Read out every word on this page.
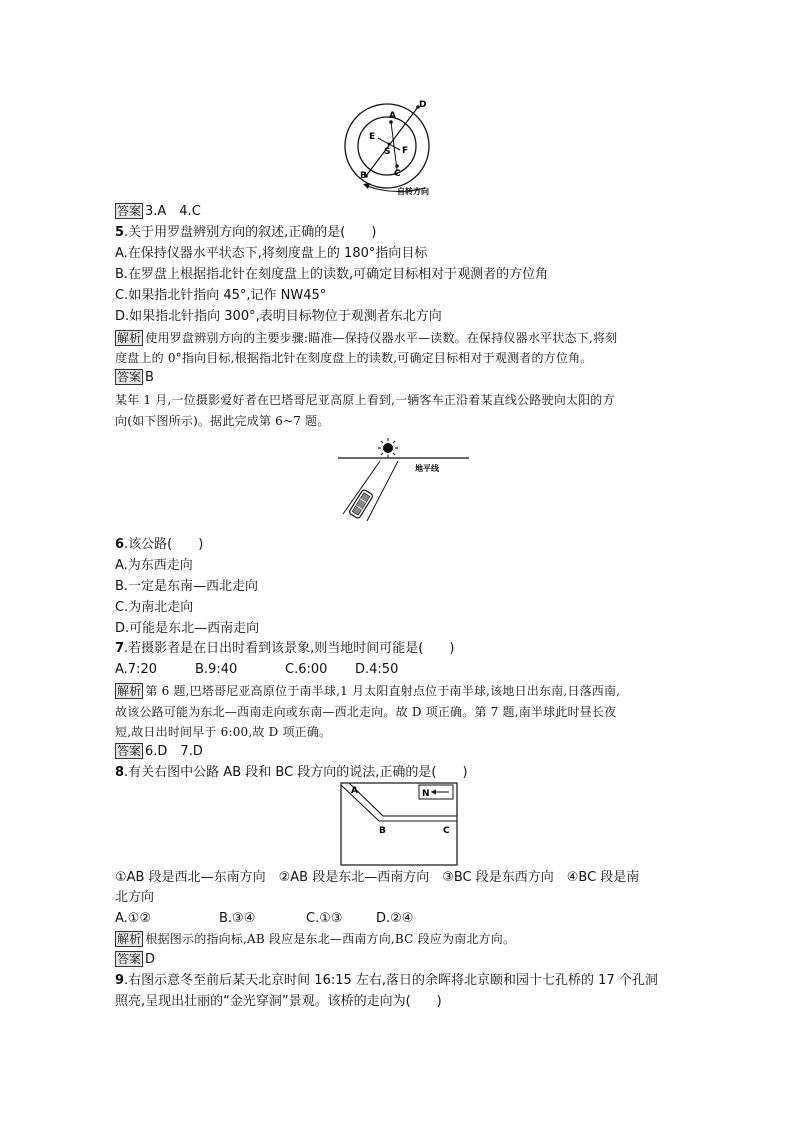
A
B	C
D
E
F
S
自转方向
答案 3.A　4.C
5.关于用罗盘辨别方向的叙述,正确的是(　　)
A.在保持仪器水平状态下,将刻度盘上的 180°指向目标
B.在罗盘上根据指北针在刻度盘上的读数,可确定目标相对于观测者的方位角
C.如果指北针指向 45°,记作 NW45°
D.如果指北针指向 300°,表明目标物位于观测者东北方向
解析 使用罗盘辨别方向的主要步骤:瞄准—保持仪器水平—读数。在保持仪器水平状态下,将刻
度盘上的 0°指向目标,根据指北针在刻度盘上的读数,可确定目标相对于观测者的方位角。
答案 B
某年 1 月,一位摄影爱好者在巴塔哥尼亚高原上看到,一辆客车正沿着某直线公路驶向太阳的方
向(如下图所示)。据此完成第 6~7 题。
地平线
6.该公路(　　)
A.为东西走向
B.一定是东南—西北走向
C.为南北走向
D.可能是东北—西南走向
7.若摄影者是在日出时看到该景象,则当地时间可能是(　　)
A.7:20	B.9:40	C.6:00 D.4:50
解析 第 6 题,巴塔哥尼亚高原位于南半球,1 月太阳直射点位于南半球,该地日出东南,日落西南,
故该公路可能为东北—西南走向或东南—西北走向。故 D 项正确。第 7 题,南半球此时昼长夜
短,故日出时间早于 6:00,故 D 项正确。
答案 6.D　7.D
8.有关右图中公路 AB 段和 BC 段方向的说法,正确的是(　　)
N
A
B	C
①AB 段是西北—东南方向　②AB 段是东北—西南方向　③BC 段是东西方向　④BC 段是南
北方向
A.①②	B.③④	C.①③	D.②④
解析 根据图示的指向标,AB 段应是东北—西南方向,BC 段应为南北方向。
答案 D
9.右图示意冬至前后某天北京时间 16:15 左右,落日的余晖将北京颐和园十七孔桥的 17 个孔洞
照亮,呈现出壮丽的“金光穿洞”景观。该桥的走向为(　　)
